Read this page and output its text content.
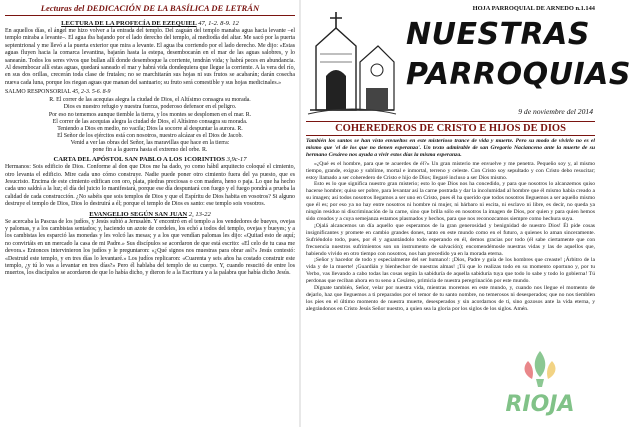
Lecturas del DEDICACIÓN DE LA BASÍLICA DE LETRÁN
LECTURA DE LA PROFECÍA DE EZEQUIEL 47, 1-2. 8-9. 12

En aquellos días, el ángel me hizo volver a la entrada del templo. Del zaguán del templo manaba agua hacia levante –el templo miraba a levante–. El agua iba bajando por el lado derecho del templo, al mediodía del altar. Me sacó por la puerta septentrional y me llevó a la puerta exterior que mira a levante. El agua iba corriendo por el lado derecho. Me dijo: «Estas aguas fluyen hacia la comarca levantina, bajarán hasta la estepa, desembocarán en el mar de las aguas salobres, y lo sanearán. Todos los seres vivos que bullan allí donde desemboque la corriente, tendrán vida; y habrá peces en abundancia. Al desembocar allí estas aguas, quedará saneado el mar y habrá vida dondequiera que llegue la corriente. A la vera del río, en sus dos orillas, crecerán toda clase de frutales; no se marchitarán sus hojas ni sus frutos se acabarán; darán cosecha nueva cada luna, porque los riegan aguas que manan del santuario; su fruto será comestible y sus hojas medicinales.»

SALMO RESPONSORIAL 45, 2-3. 5-6. 8-9
R. El correr de las acequias alegra la ciudad de Dios, el Altísimo consagra su morada.
Dios es nuestro refugio y nuestra fuerza, poderoso defensor en el peligro.
Por eso no tememos aunque tiemble la tierra, y los montes se desplomen en el mar. R.
El correr de las acequias alegra la ciudad de Dios, el Altísimo consagra su morada.
Teniendo a Dios en medio, no vacila; Dios la socorre al despuntar la aurora. R.
El Señor de los ejércitos está con nosotros, nuestro alcázar es el Dios de Jacob.
Venid a ver las obras del Señor, las maravillas que hace en la tierra:
pone fin a la guerra hasta el extremo del orbe. R.
CARTA DEL APÓSTOL SAN PABLO A LOS 1CORINTIOS 3,9c-17

Hermanos: Sois edificio de Dios. Conforme al don que Dios me ha dado, yo como hábil arquitecto coloqué el cimiento, otro levanta el edificio. Mire cada uno cómo construye. Nadie puede poner otro cimiento fuera del ya puesto, que es Jesucristo. Encima de este cimiento edifican con oro, plata, piedras preciosas o con madera, heno o paja. Lo que ha hecho cada uno saldrá a la luz; el día del juicio lo manifestará, porque ese día despuntará con fuego y el fuego pondrá a prueba la calidad de cada construcción. ¿No sabéis que sois templos de Dios y que el Espíritu de Dios habita en vosotros? Si alguno destruye el templo de Dios, Dios lo destruirá a él; porque el templo de Dios es santo: ese templo sois vosotros.

EVANGELIO SEGÚN SAN JUAN 2, 13-22

Se acercaba la Pascua de los judíos, y Jesús subió a Jerusalén. Y encontró en el templo a los vendedores de bueyes, ovejas y palomas, y a los cambistas sentados; y, haciendo un azote de cordeles, los echó a todos del templo, ovejas y bueyes; y a los cambistas les esparció las monedas y les volcó las mesas; y a los que vendían palomas les dijo: «Quitad esto de aquí; no convirtáis en un mercado la casa de mi Padre.» Sus discípulos se acordaron de que está escrito: «El celo de tu casa me devora.» Entonces intervinieron los judíos y le preguntaron: «¿Qué signos nos muestras para obrar así?» Jesús contestó: «Destruid este templo, y en tres días lo levantaré.» Los judíos replicaron: «Cuarenta y seis años ha costado construir este templo, ¿y tú lo vas a levantar en tres días?» Pero él hablaba del templo de su cuerpo. Y, cuando resucitó de entre los muertos, los discípulos se acordaron de que lo había dicho, y dieron fe a la Escritura y a la palabra que había dicho Jesús.

HOJA PARROQUIAL DE ARNEDO n.1.144
NUESTRAS
PARROQUIAS
9 de noviembre del 2014
COHEREDEROS DE CRISTO E HIJOS DE DIOS

También los santos se han visto envueltos en este misterioso trance de vida y muerte. Pero su modo de vivirlo no es el mismo que 'el de los que no tienen esperanza'. Un texto admirable de san Gregorio Nacianceno ante la muerte de su hermano Cesáreo nos ayuda a vivir estos días la misma esperanza.

«¿Qué es el hombre, para que te acuerdes de él?» Un gran misterio me envuelve y me penetra. Pequeño soy y, al mismo tiempo, grande, exiguo y sublime, mortal e inmortal, terreno y celeste. Con Cristo soy sepultado y con Cristo debo resucitar; estoy llamado a ser coheredero de Cristo e hijo de Dios; llegaré incluso a ser Dios mismo.

Esto es lo que significa nuestro gran misterio; esto lo que Dios nos ha concedido, y para que nosotros lo alcanzemos quiso hacerse hombre; quiso ser pobre, para levantar así la carne postrada y dar la incolumidad al hombre que él mismo había creado a su imagen; así todos nosotros llegamos a ser uno en Cristo, pues él ha querido que todos nosotros lleguemos a ser aquello mismo que él es; por eso ya no hay entre nosotros ni hombre ni mujer, ni bárbaro ni escita, ni esclavo ni libre, es decir, no queda ya ningún residuo ni discriminación de la carne, sino que brilla sólo en nosotros la imagen de Dios, por quien y para quien hemos sido creados y a cuya semejanza estamos plasmados y hechos, para que nos reconozcamos siempre como hechura suya.

¡Ojalá alcancemos un día aquello que esperamos de la gran generosidad y benignidad de nuestro Dios! Él pide cosas insignificantes y promete en cambio grandes dones, tanto en este mundo como en el futuro, a quienes lo aman sinceramente. Sufriéndolo todo, pues, por él y aguantándolo todo esperando en él, demos gracias por todo (él sabe ciertamente que con frecuencia nuestros sufrimientos son un instrumento de salvación); encomendémosle nuestras vidas y las de aquellos que, habiendo vivido en otro tiempo con nosotros, nos han precedido ya en la morada eterna.

¡Señor y hacedor de todo y especialmente del ser humano!: ¡Dios, Padre y guía de los hombres que creaste! ¡Árbitro de la vida y de la muerte! ¡Guardián y bienhechor de nuestras almas! ¡Tú que lo realizas todo en su momento oportuno y, por tu Verbo, vas llevando a cabo todas las cosas según la sabiduría de aquella sabiduría tuya que todo lo sabe y todo lo gobierna! Tú perdonas que reciban ahora en tu seno a Cesáreo, primicia de nuestra peregrinación por este mundo.

Dígnate también, Señor, velar por nuestra vida, mientras moremos en este mundo, y, cuando nos llegue el momento de dejarlo, haz que lleguemos a ti preparados por el temor de tu santo nombre, no temerosos ni desesperados; que no nos tiemblen los pies en el último momento de nuestra muerte, desesperados y sin acordarnos de ti, sino gozosos ante la vida eterna, y alegrándonos en Cristo Jesús Señor nuestro, a quien sea la gloria por los siglos de los siglos. Amén.

RIOJA
